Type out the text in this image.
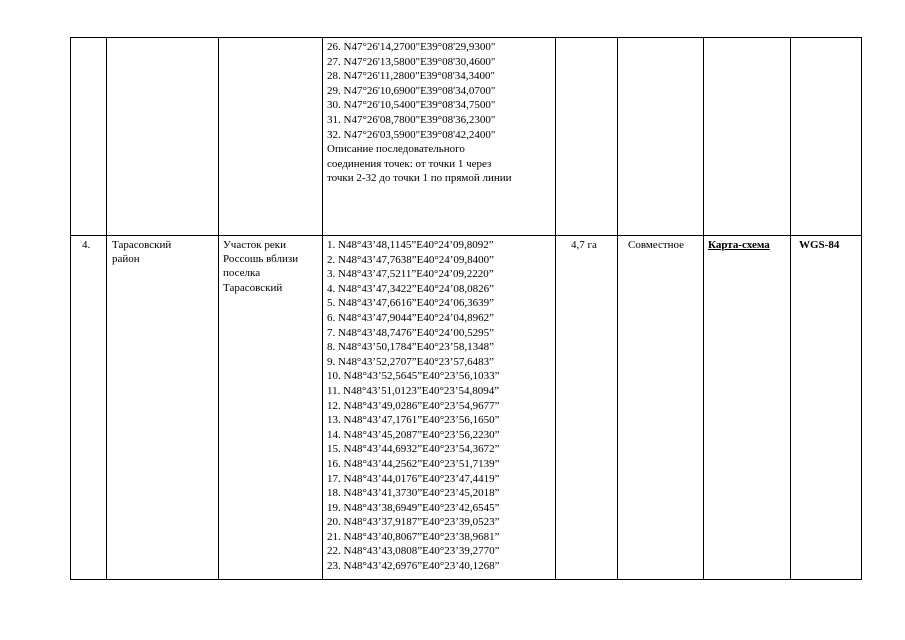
26. N47°26'14,2700"E39°08'29,9300"
27. N47°26'13,5800"E39°08'30,4600"
28. N47°26'11,2800"E39°08'34,3400"
29. N47°26'10,6900"E39°08'34,0700"
30. N47°26'10,5400"E39°08'34,7500"
31. N47°26'08,7800"E39°08'36,2300"
32. N47°26'03,5900"E39°08'42,2400"
Описание последовательного
соединения точек: от точки 1 через
точки 2-32 до точки 1 по прямой линии
4. Тарасовский
район
Участок реки
Россошь вблизи
поселка
Тарасовский
1. N48°43’48,1145”E40°24’09,8092”
2. N48°43’47,7638”E40°24’09,8400”
3. N48°43’47,5211”E40°24’09,2220”
4. N48°43’47,3422”E40°24’08,0826”
5. N48°43’47,6616”E40°24’06,3639”
6. N48°43’47,9044”E40°24’04,8962”
7. N48°43’48,7476”E40°24’00,5295”
8. N48°43’50,1784”E40°23’58,1348”
9. N48°43’52,2707”E40°23’57,6483”
10. N48°43’52,5645”E40°23’56,1033”
11. N48°43’51,0123”E40°23’54,8094”
12. N48°43’49,0286”E40°23’54,9677”
13. N48°43’47,1761”E40°23’56,1650”
14. N48°43’45,2087”E40°23’56,2230”
15. N48°43’44,6932”E40°23’54,3672”
16. N48°43’44,2562”E40°23’51,7139”
17. N48°43’44,0176”E40°23’47,4419”
18. N48°43’41,3730”E40°23’45,2018”
19. N48°43’38,6949”E40°23’42,6545”
20. N48°43’37,9187”E40°23’39,0523”
21. N48°43’40,8067”E40°23’38,9681”
22. N48°43’43,0808”E40°23’39,2770”
23. N48°43’42,6976”E40°23’40,1268”
4,7 га	Совместное Карта-схема	WGS-84
